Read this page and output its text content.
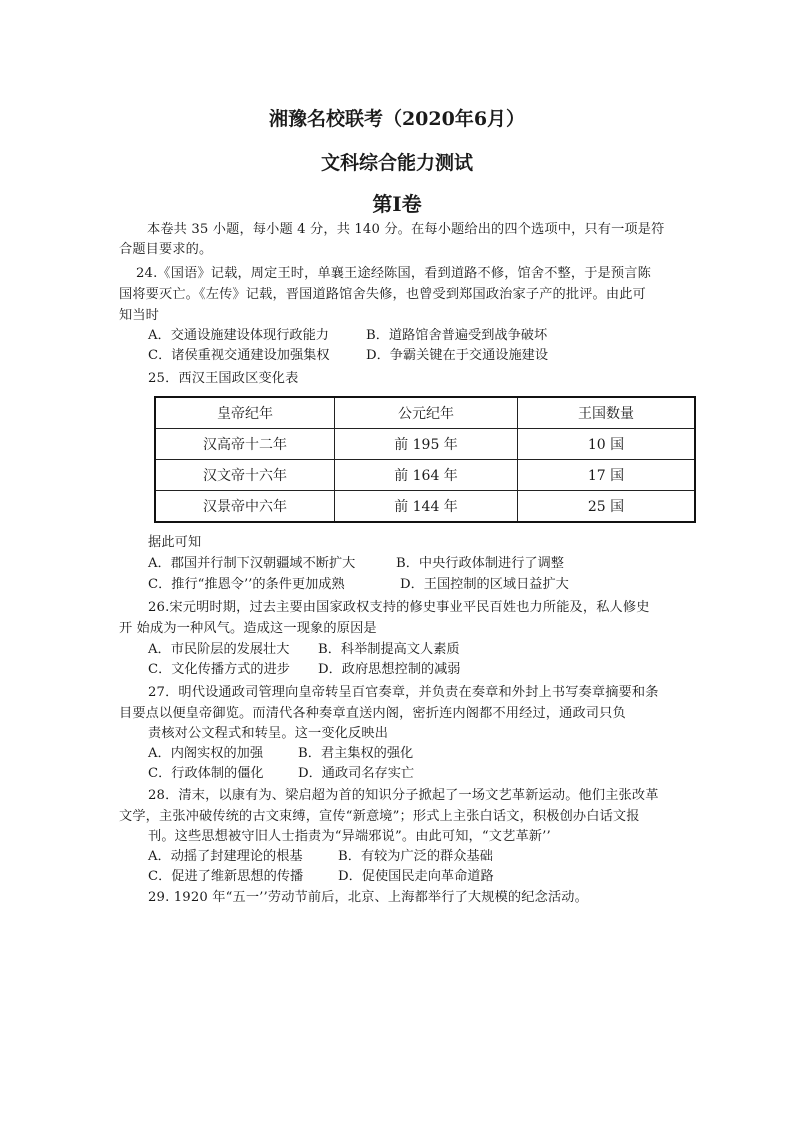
湘豫名校联考（2020年6月）
文科综合能力测试
第Ⅰ卷
本卷共 35 小题，每小题 4 分，共 140 分。在每小题给出的四个选项中，只有一项是符
合题目要求的。
24.《国语》记载，周定王时，单襄王途经陈国，看到道路不修，馆舍不整，于是预言陈
国将要灭亡。《左传》记载，晋国道路馆舍失修，也曾受到郑国政治家子产的批评。由此可
知当时
A．交通设施建设体现行政能力	B．道路馆舍普遍受到战争破坏
C．诸侯重视交通建设加强集权	D．争霸关键在于交通设施建设
25．西汉王国政区变化表
皇帝纪年	公元纪年	王国数量
汉高帝十二年	前 195 年	10 国
汉文帝十六年	前 164 年	17 国
汉景帝中六年	前 144 年	25 国
据此可知
A．郡国并行制下汉朝疆域不断扩大	B．中央行政体制进行了调整
C．推行“推恩令’’的条件更加成熟	D．王国控制的区域日益扩大
26.宋元明时期，过去主要由国家政权支持的修史事业平民百姓也力所能及，私人修史
开 始成为一种风气。造成这一现象的原因是
A．市民阶层的发展壮大 B．科举制提高文人素质
C．文化传播方式的进步 D．政府思想控制的减弱
27．明代设通政司管理向皇帝转呈百官奏章，并负责在奏章和外封上书写奏章摘要和条
目要点以便皇帝御览。而清代各种奏章直送内阁，密折连内阁都不用经过，通政司只负
责核对公文程式和转呈。这一变化反映出
A．内阁实权的加强	B．君主集权的强化
C．行政体制的僵化	D．通政司名存实亡
28．清末，以康有为、梁启超为首的知识分子掀起了一场文艺革新运动。他们主张改革
文学，主张冲破传统的古文束缚，宣传“新意境”；形式上主张白话文，积极创办白话文报
刊。这些思想被守旧人士指责为“异端邪说”。由此可知，“文艺革新’’
A．动摇了封建理论的根基	B．有较为广泛的群众基础
C．促进了维新思想的传播	D．促使国民走向革命道路
29. 1920 年“五一’’劳动节前后，北京、上海都举行了大规模的纪念活动。
